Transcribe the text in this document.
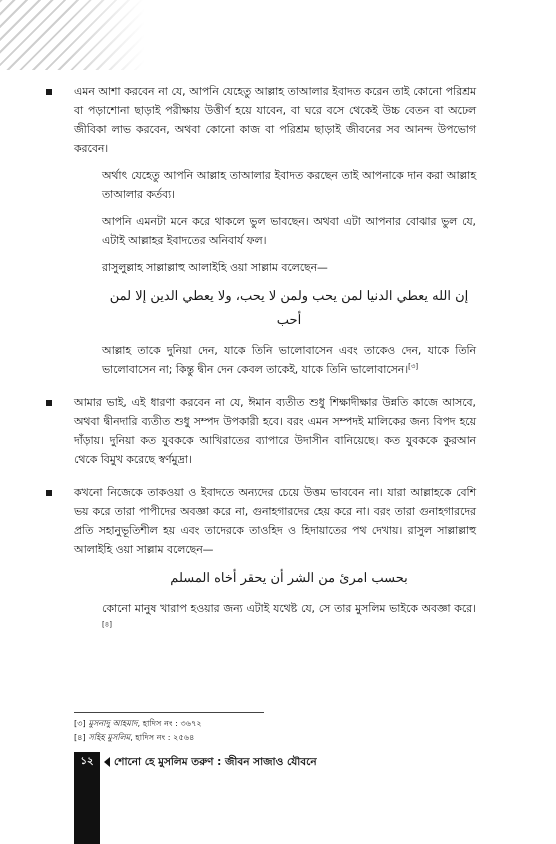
এমন আশা করবেন না যে, আপনি যেহেতু আল্লাহ তাআলার ইবাদত করেন তাই কোনো পরিশ্রম বা পড়াশোনা ছাড়াই পরীক্ষায় উত্তীর্ণ হয়ে যাবেন, বা ঘরে বসে থেকেই উচ্চ বেতন বা অঢেল জীবিকা লাভ করবেন, অথবা কোনো কাজ বা পরিশ্রম ছাড়াই জীবনের সব আনন্দ উপভোগ করবেন।

অর্থাৎ যেহেতু আপনি আল্লাহ তাআলার ইবাদত করছেন তাই আপনাকে দান করা আল্লাহ তাআলার কর্তব্য।

আপনি এমনটা মনে করে থাকলে ভুল ভাবছেন। অথবা এটা আপনার বোঝার ভুল যে, এটাই আল্লাহর ইবাদতের অনিবার্য ফল।

রাসুলুল্লাহ সাল্লাল্লাহু আলাইহি ওয়া সাল্লাম বলেছেন—

إن الله يعطي الدنيا لمن يحب ولمن لا يحب، ولا يعطي الدين إلا لمن أحب

আল্লাহ তাকে দুনিয়া দেন, যাকে তিনি ভালোবাসেন এবং তাকেও দেন, যাকে তিনি ভালোবাসেন না; কিন্তু দ্বীন দেন কেবল তাকেই, যাকে তিনি ভালোবাসেন।[৩]

আমার ভাই, এই ধারণা করবেন না যে, ঈমান ব্যতীত শুধু শিক্ষাদীক্ষার উন্নতি কাজে আসবে, অথবা দ্বীনদারি ব্যতীত শুধু সম্পদ উপকারী হবে। বরং এমন সম্পদই মালিকের জন্য বিপদ হয়ে দাঁড়ায়। দুনিয়া কত যুবককে আখিরাতের ব্যাপারে উদাসীন বানিয়েছে। কত যুবককে কুরআন থেকে বিমুখ করেছে স্বর্ণমুদ্রা।

কখনো নিজেকে তাকওয়া ও ইবাদতে অন্যদের চেয়ে উত্তম ভাববেন না। যারা আল্লাহকে বেশি ভয় করে তারা পাপীদের অবজ্ঞা করে না, গুনাহগারদের হেয় করে না। বরং তারা গুনাহগারদের প্রতি সহানুভূতিশীল হয় এবং তাদেরকে তাওহিদ ও হিদায়াতের পথ দেখায়। রাসুল সাল্লাল্লাহু আলাইহি ওয়া সাল্লাম বলেছেন—

بحسب امرئ من الشر أن يحقر أخاه المسلم

কোনো মানুষ খারাপ হওয়ার জন্য এটাই যথেষ্ট যে, সে তার মুসলিম ভাইকে অবজ্ঞা করে।[৪]

[৩] মুসনাদু আহমাদ, হাদিস নং : ৩৬৭২
[৪] সহিহ মুসলিম, হাদিস নং : ২৫৬৪
১২	শোনো হে মুসলিম তরুণ : জীবন সাজাও যৌবনে
